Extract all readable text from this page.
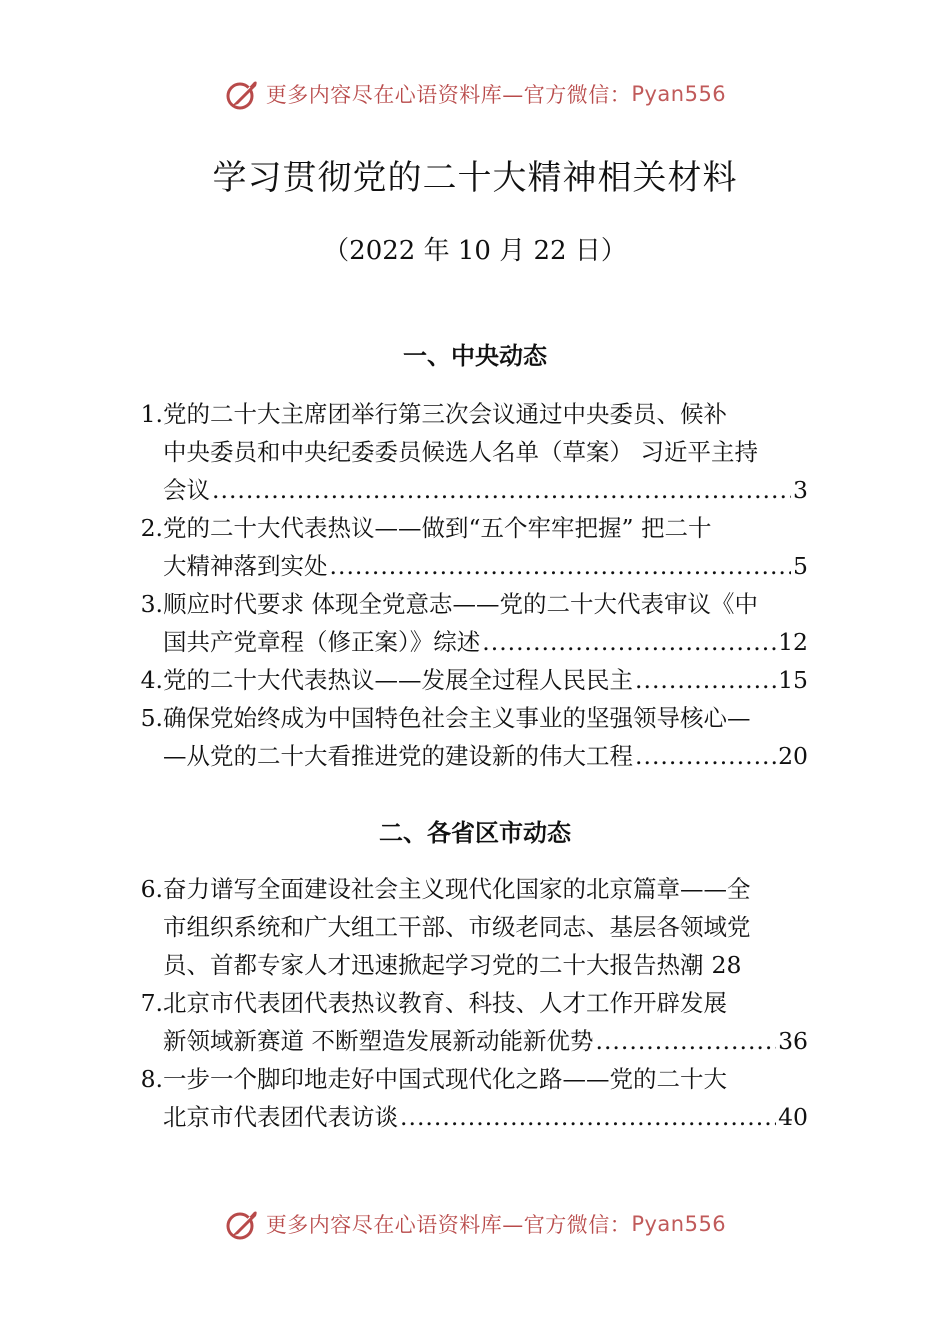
更多内容尽在心语资料库—官方微信： Pyan556
学习贯彻党的二十大精神相关材料
（2022 年 10 月 22 日）
一、中央动态
1. 党的二十大主席团举行第三次会议通过中央委员、候补
中央委员和中央纪委委员候选人名单（草案） 习近平主持
会议 .....	3
2. 党的二十大代表热议——做到“五个牢牢把握” 把二十
大精神落到实处 .....	5
3. 顺应时代要求 体现全党意志——党的二十大代表审议《中
国共产党章程（修正案）》综述 .....	12
4. 党的二十大代表热议——发展全过程人民民主 .....	15
5. 确保党始终成为中国特色社会主义事业的坚强领导核心—
—从党的二十大看推进党的建设新的伟大工程 .....	20
二、各省区市动态
6. 奋力谱写全面建设社会主义现代化国家的北京篇章——全
市组织系统和广大组工干部、市级老同志、基层各领域党
员、首都专家人才迅速掀起学习党的二十大报告热潮 28
7. 北京市代表团代表热议教育、科技、人才工作开辟发展
新领域新赛道 不断塑造发展新动能新优势 .....	36
8. 一步一个脚印地走好中国式现代化之路——党的二十大
北京市代表团代表访谈 .....	40
更多内容尽在心语资料库—官方微信： Pyan556
